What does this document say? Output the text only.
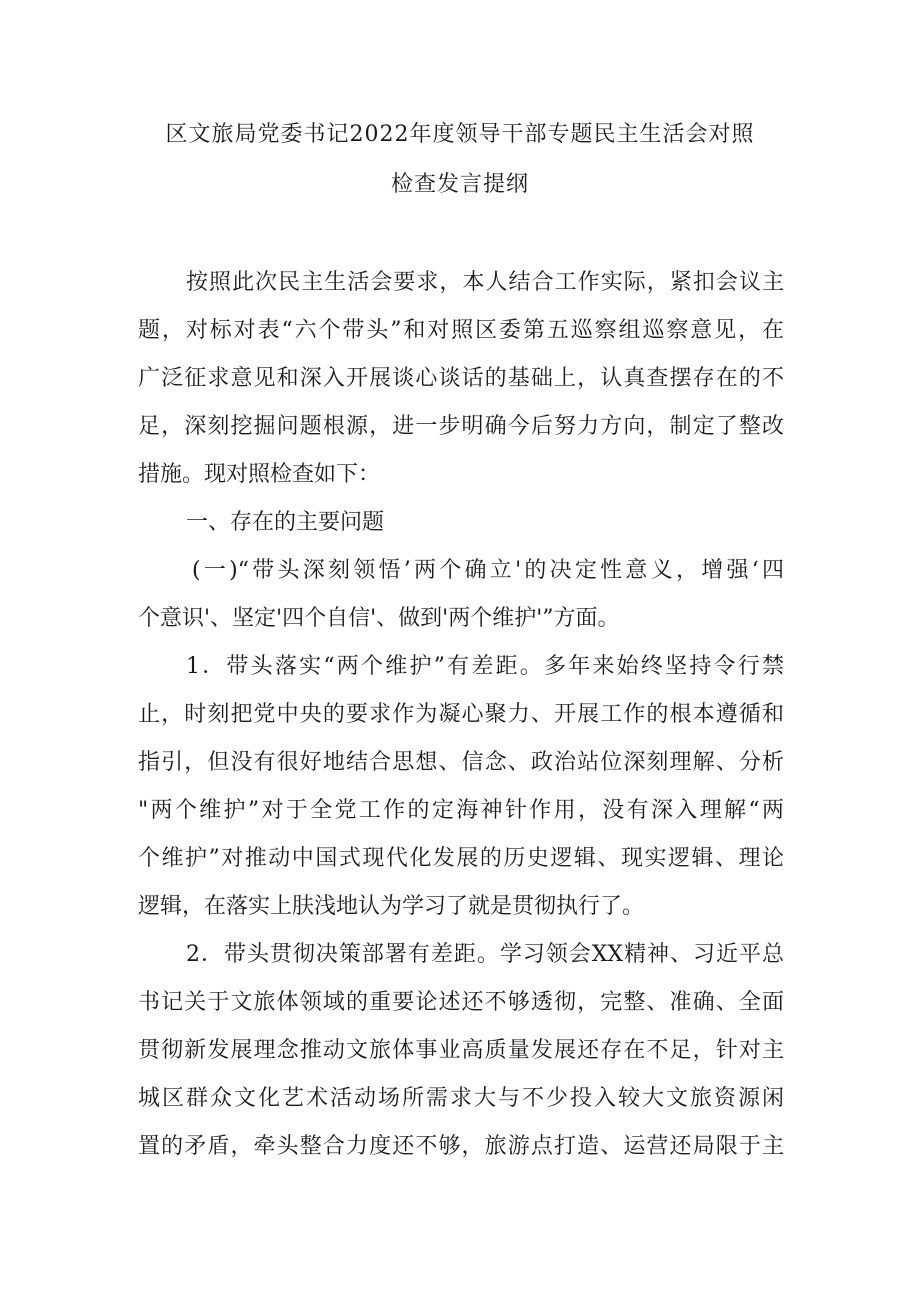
区文旅局党委书记2022年度领导干部专题民主生活会对照
检查发言提纲
按照此次民主生活会要求，本人结合工作实际，紧扣会议主
题，对标对表“六个带头”和对照区委第五巡察组巡察意见，在
广泛征求意见和深入开展谈心谈话的基础上，认真查摆存在的不
足，深刻挖掘问题根源，进一步明确今后努力方向，制定了整改
措施。现对照检查如下：
一、存在的主要问题
(一)“带头深刻领悟’两个确立'的决定性意义，增强‘四
个意识'、坚定'四个自信'、做到'两个维护'”方面。
1．带头落实“两个维护”有差距。多年来始终坚持令行禁
止，时刻把党中央的要求作为凝心聚力、开展工作的根本遵循和
指引，但没有很好地结合思想、信念、政治站位深刻理解、分析
"两个维护”对于全党工作的定海神针作用，没有深入理解“两
个维护”对推动中国式现代化发展的历史逻辑、现实逻辑、理论
逻辑，在落实上肤浅地认为学习了就是贯彻执行了。
2．带头贯彻决策部署有差距。学习领会XX精神、习近平总
书记关于文旅体领域的重要论述还不够透彻，完整、准确、全面
贯彻新发展理念推动文旅体事业高质量发展还存在不足，针对主
城区群众文化艺术活动场所需求大与不少投入较大文旅资源闲
置的矛盾，牵头整合力度还不够，旅游点打造、运营还局限于主
